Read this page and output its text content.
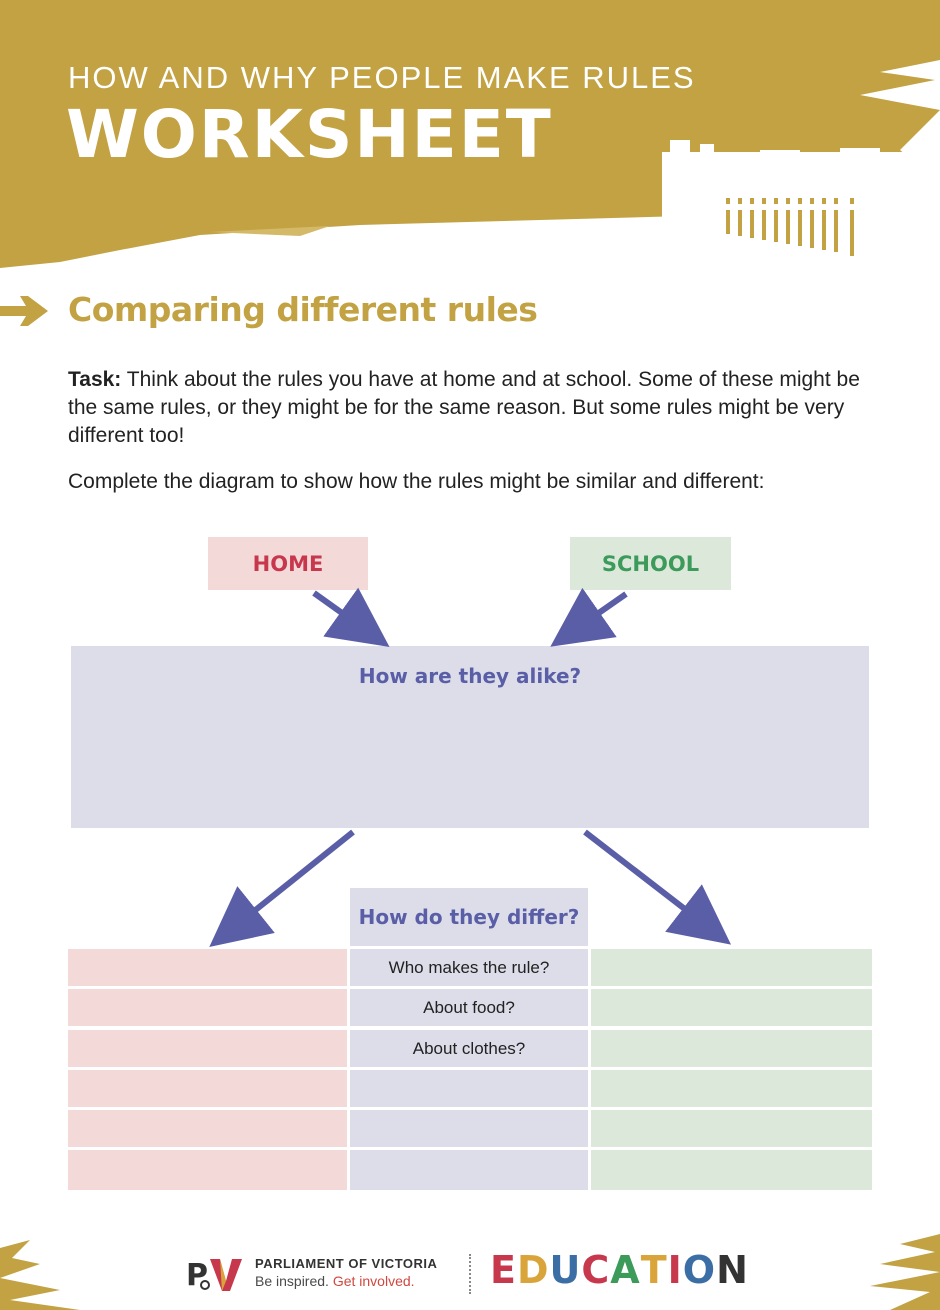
HOW AND WHY PEOPLE MAKE RULES
WORKSHEET
Comparing different rules
Task: Think about the rules you have at home and at school. Some of these might be the same rules, or they might be for the same reason. But some rules might be very different too!
Complete the diagram to show how the rules might be similar and different:
HOME	SCHOOL
How are they alike?
How do they differ?
Who makes the rule?
About food?
About clothes?
P	PARLIAMENT OF VICTORIA
Be inspired. Get involved. EDUCATION
